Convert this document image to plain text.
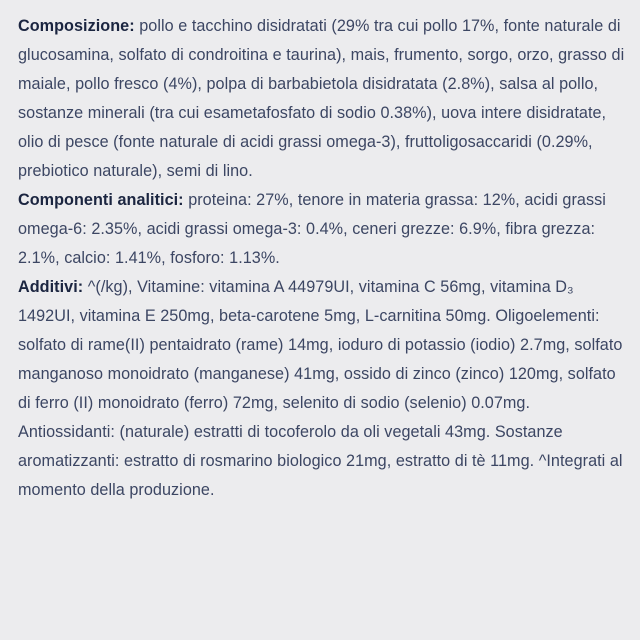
Composizione: pollo e tacchino disidratati (29% tra cui pollo 17%, fonte naturale di glucosamina, solfato di condroitina e taurina), mais, frumento, sorgo, orzo, grasso di maiale, pollo fresco (4%), polpa di barbabietola disidratata (2.8%), salsa al pollo, sostanze minerali (tra cui esametafosfato di sodio 0.38%), uova intere disidratate, olio di pesce (fonte naturale di acidi grassi omega-3), fruttoligosaccaridi (0.29%, prebiotico naturale), semi di lino.

Componenti analitici: proteina: 27%, tenore in materia grassa: 12%, acidi grassi omega-6: 2.35%, acidi grassi omega-3: 0.4%, ceneri grezze: 6.9%, fibra grezza: 2.1%, calcio: 1.41%, fosforo: 1.13%.

Additivi: ^(/kg), Vitamine: vitamina A 44979UI, vitamina C 56mg, vitamina D₃ 1492UI, vitamina E 250mg, beta-carotene 5mg, L-carnitina 50mg. Oligoelementi: solfato di rame(II) pentaidrato (rame) 14mg, ioduro di potassio (iodio) 2.7mg, solfato manganoso monoidrato (manganese) 41mg, ossido di zinco (zinco) 120mg, solfato di ferro (II) monoidrato (ferro) 72mg, selenito di sodio (selenio) 0.07mg. Antiossidanti: (naturale) estratti di tocoferolo da oli vegetali 43mg. Sostanze aromatizzanti: estratto di rosmarino biologico 21mg, estratto di tè 11mg. ^Integrati al momento della produzione.
